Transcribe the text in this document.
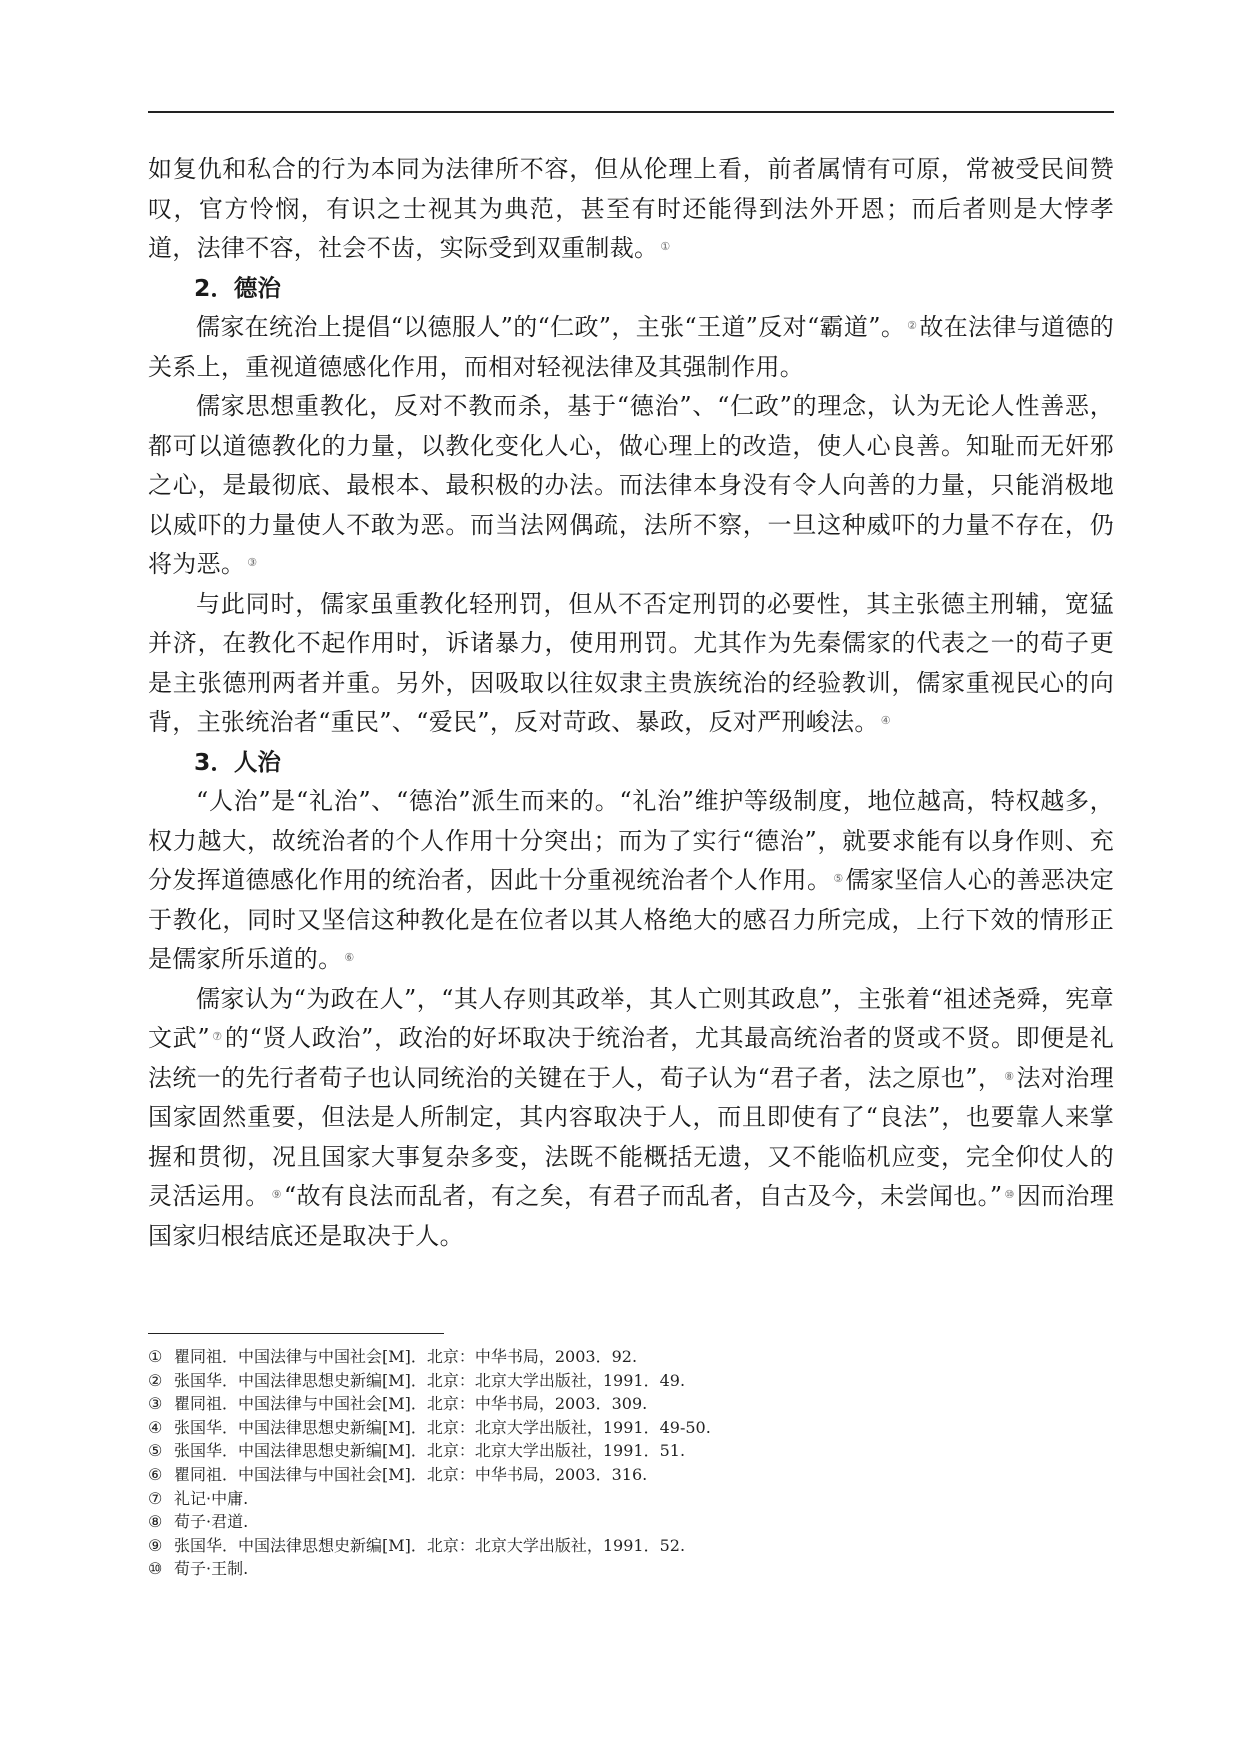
如复仇和私合的行为本同为法律所不容，但从伦理上看，前者属情有可原，常被受民间赞叹，官方怜悯，有识之士视其为典范，甚至有时还能得到法外开恩；而后者则是大悖孝道，法律不容，社会不齿，实际受到双重制裁。 ①

2．德治

儒家在统治上提倡“以德服人”的“仁政”，主张“王道”反对“霸道”。 ②故在法律与道德的关系上，重视道德感化作用，而相对轻视法律及其强制作用。

儒家思想重教化，反对不教而杀，基于“德治”、“仁政”的理念，认为无论人性善恶，都可以道德教化的力量，以教化变化人心，做心理上的改造，使人心良善。知耻而无奸邪之心，是最彻底、最根本、最积极的办法。而法律本身没有令人向善的力量，只能消极地以威吓的力量使人不敢为恶。而当法网偶疏，法所不察，一旦这种威吓的力量不存在，仍将为恶。 ③

与此同时，儒家虽重教化轻刑罚，但从不否定刑罚的必要性，其主张德主刑辅，宽猛并济，在教化不起作用时，诉诸暴力，使用刑罚。尤其作为先秦儒家的代表之一的荀子更是主张德刑两者并重。另外，因吸取以往奴隶主贵族统治的经验教训，儒家重视民心的向背，主张统治者“重民”、“爱民”，反对苛政、暴政，反对严刑峻法。 ④

3．人治

“人治”是“礼治”、“德治”派生而来的。“礼治”维护等级制度，地位越高，特权越多，权力越大，故统治者的个人作用十分突出；而为了实行“德治”，就要求能有以身作则、充分发挥道德感化作用的统治者，因此十分重视统治者个人作用。 ⑤儒家坚信人心的善恶决定于教化，同时又坚信这种教化是在位者以其人格绝大的感召力所完成，上行下效的情形正是儒家所乐道的。 ⑥

儒家认为“为政在人”，“其人存则其政举，其人亡则其政息”，主张着“祖述尧舜，宪章文武” ⑦的“贤人政治”，政治的好坏取决于统治者，尤其最高统治者的贤或不贤。即便是礼法统一的先行者荀子也认同统治的关键在于人，荀子认为“君子者，法之原也”， ⑧法对治理国家固然重要，但法是人所制定，其内容取决于人，而且即使有了“良法”，也要靠人来掌握和贯彻，况且国家大事复杂多变，法既不能概括无遗，又不能临机应变，完全仰仗人的灵活运用。 ⑨“故有良法而乱者，有之矣，有君子而乱者，自古及今，未尝闻也。” ⑩因而治理国家归根结底还是取决于人。

① 瞿同祖．中国法律与中国社会[M]．北京：中华书局，2003．92.
② 张国华．中国法律思想史新编[M]．北京：北京大学出版社，1991．49.
③ 瞿同祖．中国法律与中国社会[M]．北京：中华书局，2003．309.
④ 张国华．中国法律思想史新编[M]．北京：北京大学出版社，1991．49-50.
⑤ 张国华．中国法律思想史新编[M]．北京：北京大学出版社，1991．51.
⑥ 瞿同祖．中国法律与中国社会[M]．北京：中华书局，2003．316.
⑦ 礼记·中庸.
⑧ 荀子·君道.
⑨ 张国华．中国法律思想史新编[M]．北京：北京大学出版社，1991．52.
⑩ 荀子·王制.
